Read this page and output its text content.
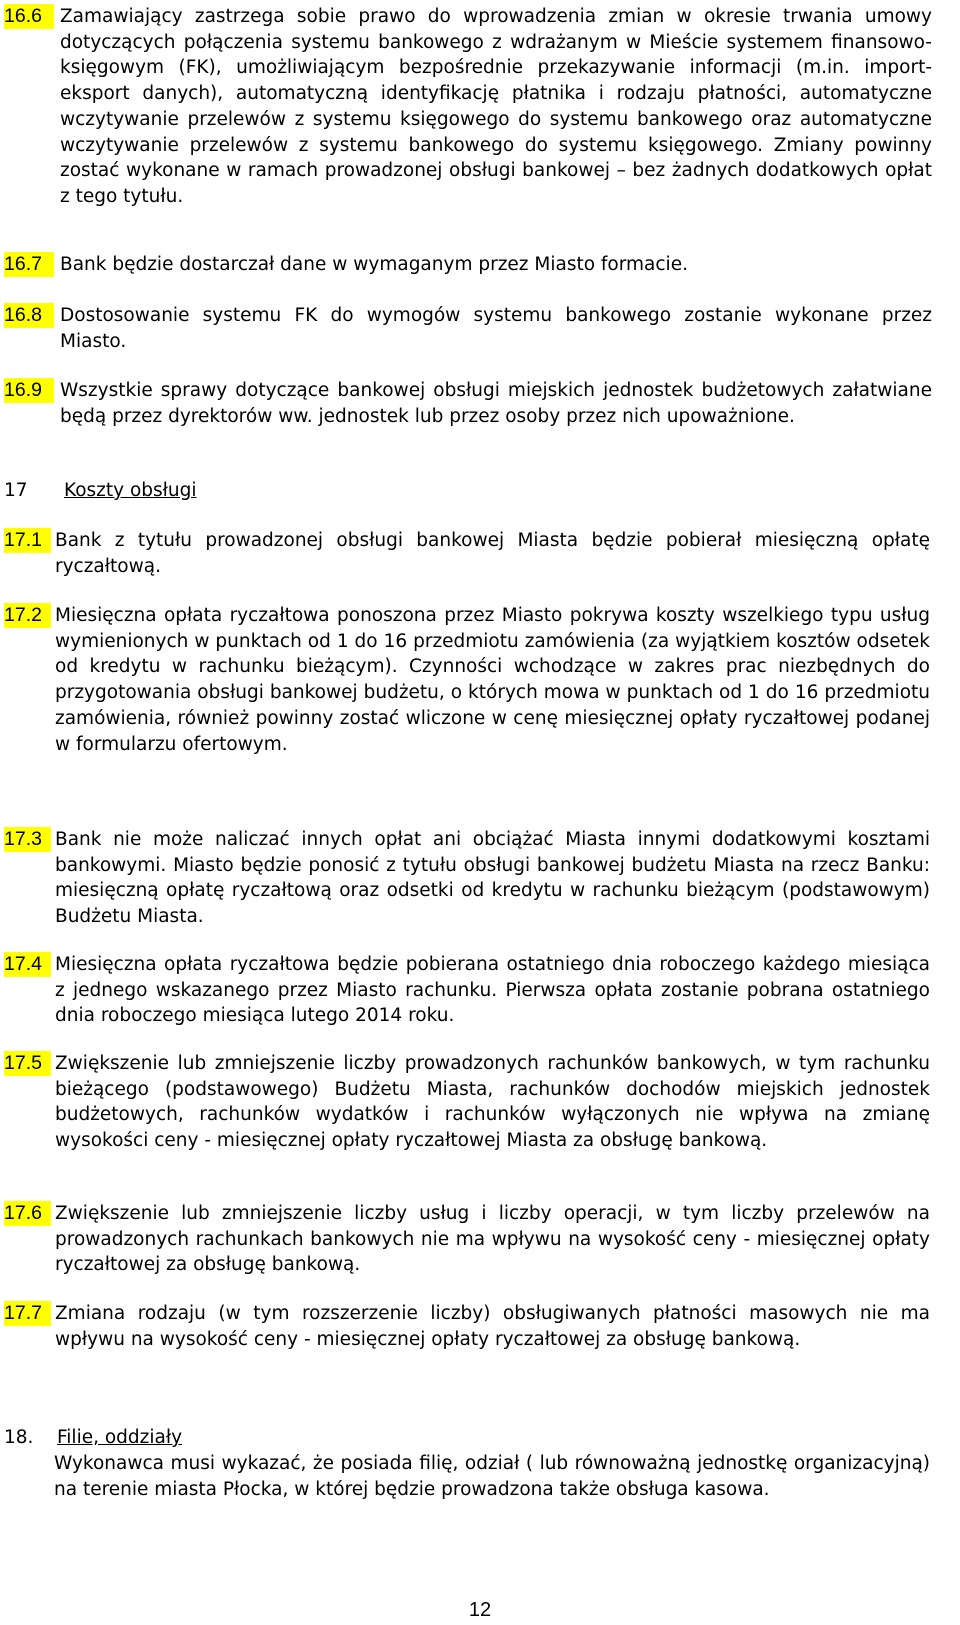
16.6 Zamawiający zastrzega sobie prawo do wprowadzenia zmian w okresie trwania umowy dotyczących połączenia systemu bankowego z wdrażanym w Mieście systemem finansowo-księgowym (FK), umożliwiającym bezpośrednie przekazywanie informacji (m.in. import-eksport danych), automatyczną identyfikację płatnika i rodzaju płatności, automatyczne wczytywanie przelewów z systemu księgowego do systemu bankowego oraz automatyczne wczytywanie przelewów z systemu bankowego do systemu księgowego. Zmiany powinny zostać wykonane w ramach prowadzonej obsługi bankowej – bez żadnych dodatkowych opłat z tego tytułu.
16.7 Bank będzie dostarczał dane w wymaganym przez Miasto formacie.
16.8 Dostosowanie systemu FK do wymogów systemu bankowego zostanie wykonane przez Miasto.
16.9 Wszystkie sprawy dotyczące bankowej obsługi miejskich jednostek budżetowych załatwiane będą przez dyrektorów ww. jednostek lub przez osoby przez nich upoważnione.
17 Koszty obsługi
17.1 Bank z tytułu prowadzonej obsługi bankowej Miasta będzie pobierał miesięczną opłatę ryczałtową.
17.2 Miesięczna opłata ryczałtowa ponoszona przez Miasto pokrywa koszty wszelkiego typu usług wymienionych w punktach od 1 do 16 przedmiotu zamówienia (za wyjątkiem kosztów odsetek od kredytu w rachunku bieżącym). Czynności wchodzące w zakres prac niezbędnych do przygotowania obsługi bankowej budżetu, o których mowa w punktach od 1 do 16 przedmiotu zamówienia, również powinny zostać wliczone w cenę miesięcznej opłaty ryczałtowej podanej w formularzu ofertowym.
17.3 Bank nie może naliczać innych opłat ani obciążać Miasta innymi dodatkowymi kosztami bankowymi. Miasto będzie ponosić z tytułu obsługi bankowej budżetu Miasta na rzecz Banku: miesięczną opłatę ryczałtową oraz odsetki od kredytu w rachunku bieżącym (podstawowym) Budżetu Miasta.
17.4 Miesięczna opłata ryczałtowa będzie pobierana ostatniego dnia roboczego każdego miesiąca z jednego wskazanego przez Miasto rachunku. Pierwsza opłata zostanie pobrana ostatniego dnia roboczego miesiąca lutego 2014 roku.
17.5 Zwiększenie lub zmniejszenie liczby prowadzonych rachunków bankowych, w tym rachunku bieżącego (podstawowego) Budżetu Miasta, rachunków dochodów miejskich jednostek budżetowych, rachunków wydatków i rachunków wyłączonych nie wpływa na zmianę wysokości ceny - miesięcznej opłaty ryczałtowej Miasta za obsługę bankową.
17.6 Zwiększenie lub zmniejszenie liczby usług i liczby operacji, w tym liczby przelewów na prowadzonych rachunkach bankowych nie ma wpływu na wysokość ceny - miesięcznej opłaty ryczałtowej za obsługę bankową.
17.7 Zmiana rodzaju (w tym rozszerzenie liczby) obsługiwanych płatności masowych nie ma wpływu na wysokość ceny - miesięcznej opłaty ryczałtowej za obsługę bankową.
18. Filie, oddziały
Wykonawca musi wykazać, że posiada filię, odział ( lub równoważną jednostkę organizacyjną) na terenie miasta Płocka, w której będzie prowadzona także obsługa kasowa.
12
